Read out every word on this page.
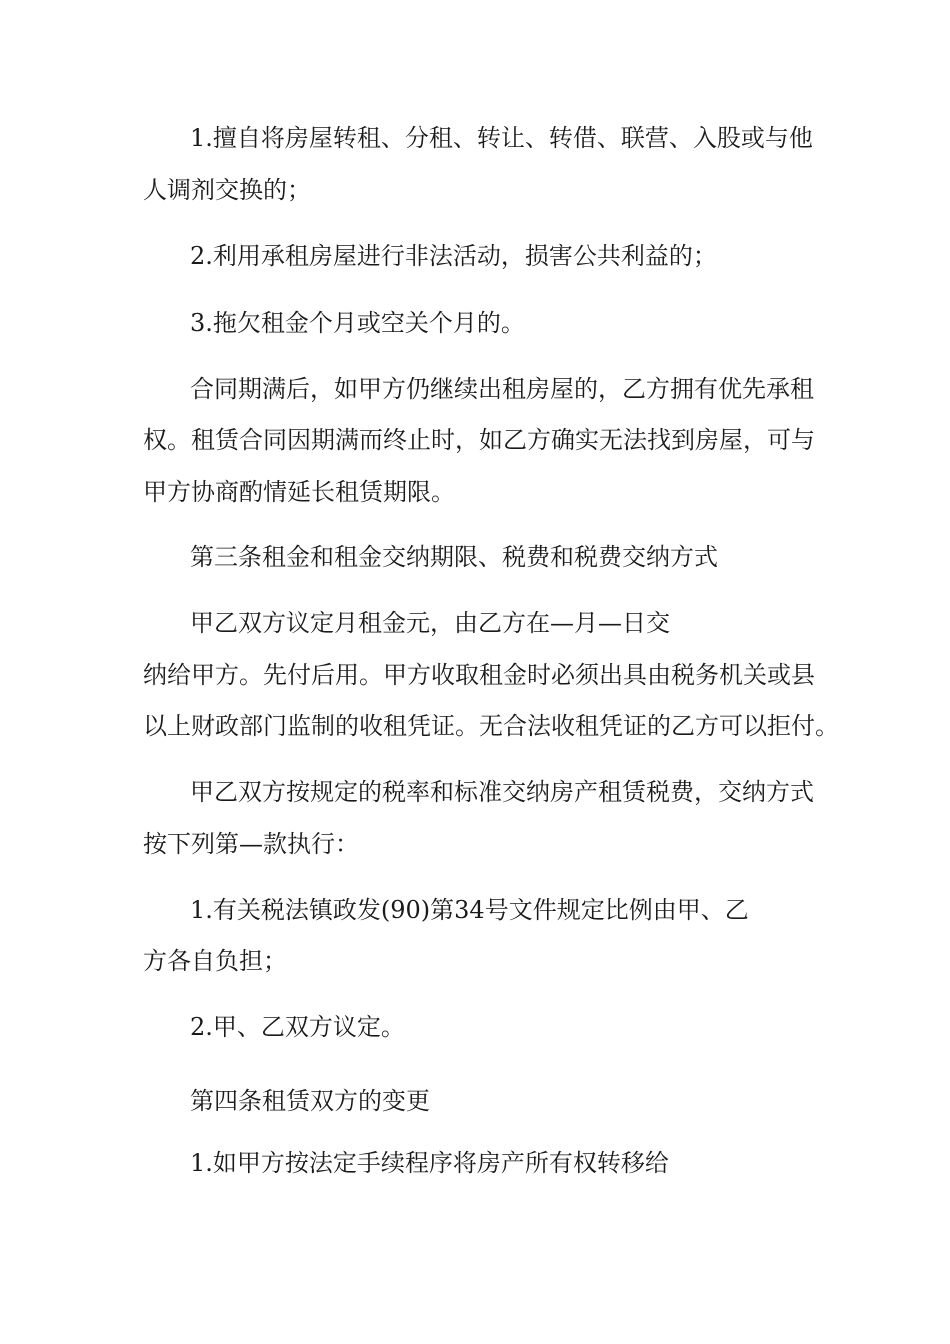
1.擅自将房屋转租、分租、转让、转借、联营、入股或与他
人调剂交换的；
2.利用承租房屋进行非法活动，损害公共利益的；
3.拖欠租金个月或空关个月的。
合同期满后，如甲方仍继续出租房屋的，乙方拥有优先承租
权。租赁合同因期满而终止时，如乙方确实无法找到房屋，可与
甲方协商酌情延长租赁期限。
第三条租金和租金交纳期限、税费和税费交纳方式
甲乙双方议定月租金元，由乙方在—月—日交
纳给甲方。先付后用。甲方收取租金时必须出具由税务机关或县
以上财政部门监制的收租凭证。无合法收租凭证的乙方可以拒付。
甲乙双方按规定的税率和标准交纳房产租赁税费，交纳方式
按下列第—款执行：
1.有关税法镇政发(90)第34号文件规定比例由甲、乙
方各自负担；
2.甲、乙双方议定。
第四条租赁双方的变更
1.如甲方按法定手续程序将房产所有权转移给
